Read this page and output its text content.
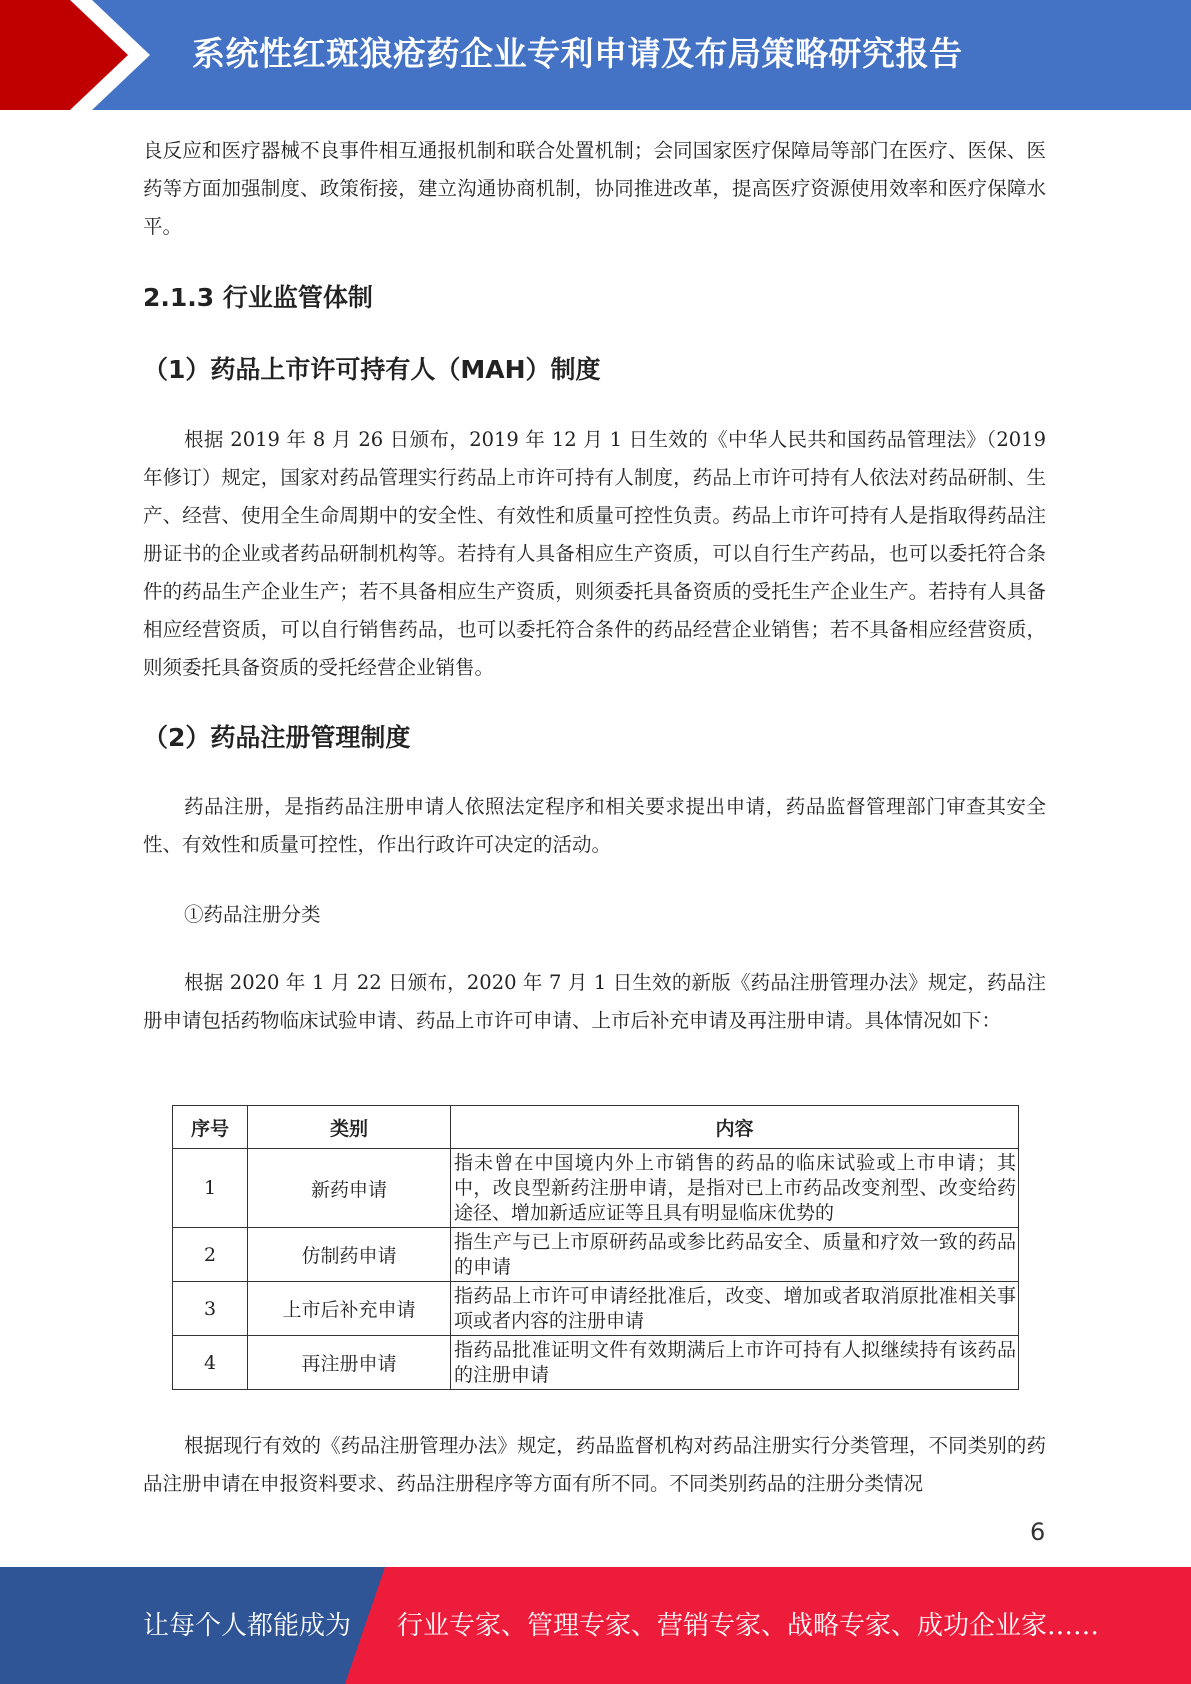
系统性红斑狼疮药企业专利申请及布局策略研究报告

良反应和医疗器械不良事件相互通报机制和联合处置机制；会同国家医疗保障局等部门在医疗、医保、医药等方面加强制度、政策衔接，建立沟通协商机制，协同推进改革，提高医疗资源使用效率和医疗保障水平。

2.1.3 行业监管体制
（1）药品上市许可持有人（MAH）制度

根据 2019 年 8 月 26 日颁布，2019 年 12 月 1 日生效的《中华人民共和国药品管理法》（2019 年修订）规定，国家对药品管理实行药品上市许可持有人制度，药品上市许可持有人依法对药品研制、生产、经营、使用全生命周期中的安全性、有效性和质量可控性负责。药品上市许可持有人是指取得药品注册证书的企业或者药品研制机构等。若持有人具备相应生产资质，可以自行生产药品，也可以委托符合条件的药品生产企业生产；若不具备相应生产资质，则须委托具备资质的受托生产企业生产。若持有人具备相应经营资质，可以自行销售药品，也可以委托符合条件的药品经营企业销售；若不具备相应经营资质，则须委托具备资质的受托经营企业销售。

（2）药品注册管理制度

药品注册，是指药品注册申请人依照法定程序和相关要求提出申请，药品监督管理部门审查其安全性、有效性和质量可控性，作出行政许可决定的活动。

①药品注册分类

根据 2020 年 1 月 22 日颁布，2020 年 7 月 1 日生效的新版《药品注册管理办法》规定，药品注册申请包括药物临床试验申请、药品上市许可申请、上市后补充申请及再注册申请。具体情况如下：

序号	类别	内容
1	新药申请	指未曾在中国境内外上市销售的药品的临床试验或上市申请；其中，改良型新药注册申请，是指对已上市药品改变剂型、改变给药途径、增加新适应证等且具有明显临床优势的
2	仿制药申请	指生产与已上市原研药品或参比药品安全、质量和疗效一致的药品的申请
3	上市后补充申请	指药品上市许可申请经批准后，改变、增加或者取消原批准相关事项或者内容的注册申请
4	再注册申请	指药品批准证明文件有效期满后上市许可持有人拟继续持有该药品的注册申请

根据现行有效的《药品注册管理办法》规定，药品监督机构对药品注册实行分类管理，不同类别的药品注册申请在申报资料要求、药品注册程序等方面有所不同。不同类别药品的注册分类情况

6
让每个人都能成为 行业专家、管理专家、营销专家、战略专家、成功企业家……
